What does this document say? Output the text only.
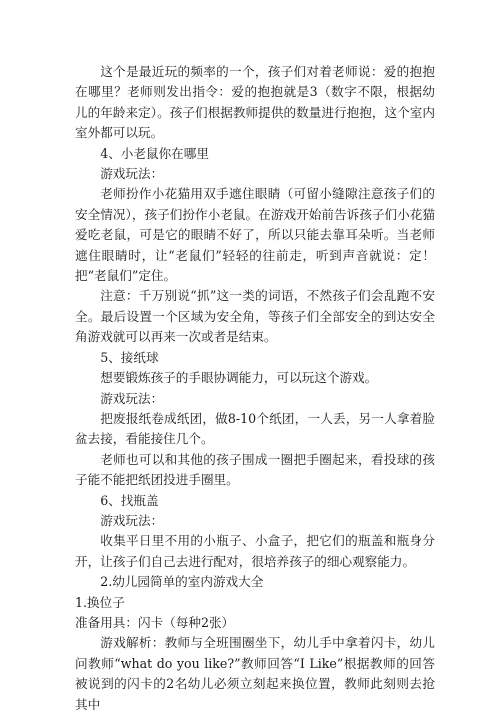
这个是最近玩的频率的一个，孩子们对着老师说：爱的抱抱在哪里？老师则发出指令：爱的抱抱就是3（数字不限，根据幼儿的年龄来定）。孩子们根据教师提供的数量进行抱抱，这个室内室外都可以玩。

4、小老鼠你在哪里

游戏玩法：

老师扮作小花猫用双手遮住眼睛（可留小缝隙注意孩子们的安全情况），孩子们扮作小老鼠。在游戏开始前告诉孩子们小花猫爱吃老鼠，可是它的眼睛不好了，所以只能去靠耳朵听。当老师遮住眼睛时，让“老鼠们”轻轻的往前走，听到声音就说：定！把“老鼠们”定住。

注意：千万别说“抓”这一类的词语，不然孩子们会乱跑不安全。最后设置一个区域为安全角，等孩子们全部安全的到达安全角游戏就可以再来一次或者是结束。

5、接纸球

想要锻炼孩子的手眼协调能力，可以玩这个游戏。

游戏玩法：

把废报纸卷成纸团，做8-10个纸团，一人丢，另一人拿着脸盆去接，看能接住几个。

老师也可以和其他的孩子围成一圈把手圈起来，看投球的孩子能不能把纸团投进手圈里。

6、找瓶盖

游戏玩法：

收集平日里不用的小瓶子、小盒子，把它们的瓶盖和瓶身分开，让孩子们自己去进行配对，很培养孩子的细心观察能力。

2.幼儿园简单的室内游戏大全

1.换位子

准备用具：闪卡（每种2张）

游戏解析：教师与全班围圈坐下，幼儿手中拿着闪卡，幼儿问教师“what do you like?”教师回答“I Like”根据教师的回答被说到的闪卡的2名幼儿必须立刻起来换位置，教师此刻则去抢其中
